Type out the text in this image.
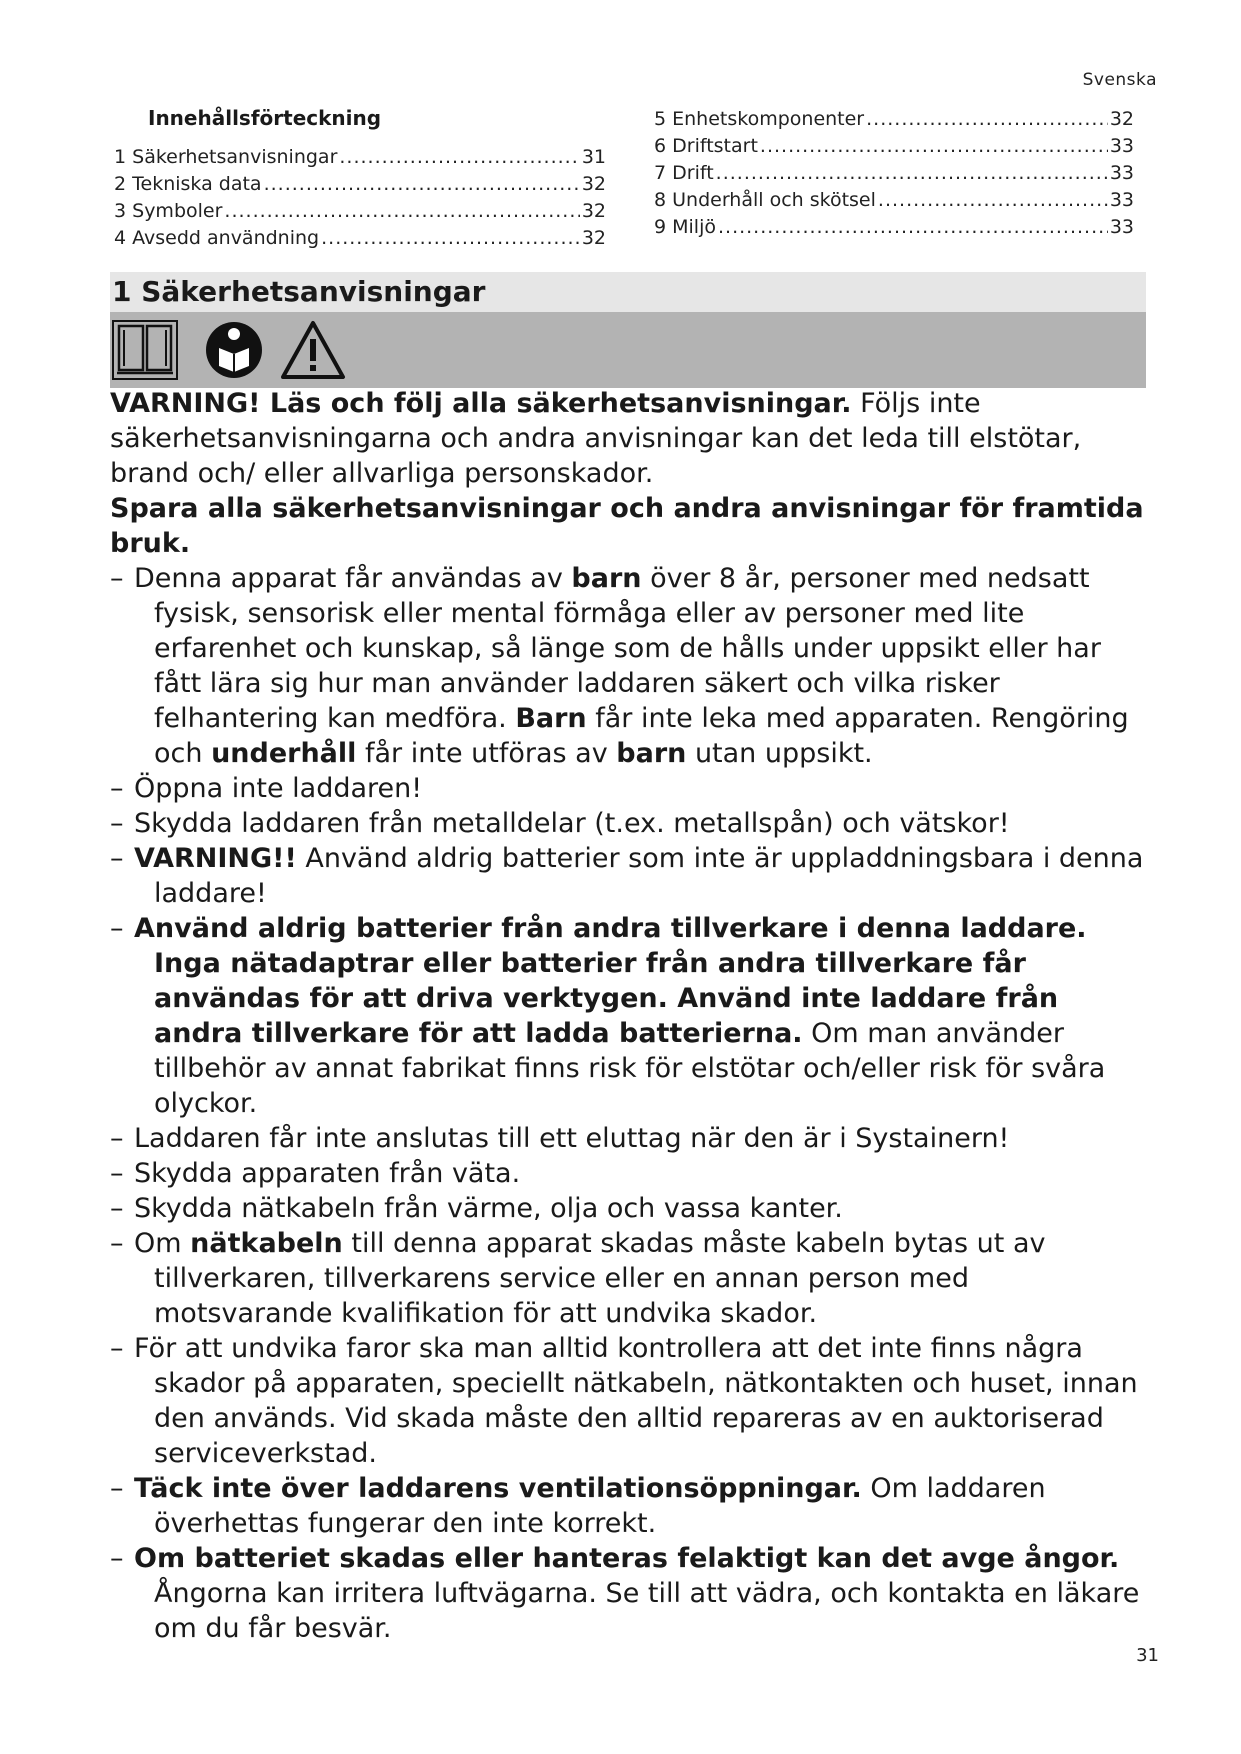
Svenska
Innehållsförteckning
1 Säkerhetsanvisningar .....	31
2 Tekniska data .....	32
3 Symboler .....	32
4 Avsedd användning .....	32
5 Enhetskomponenter .....	32
6 Driftstart .....	33
7 Drift .....	33
8 Underhåll och skötsel .....	33
9 Miljö .....	33
1 Säkerhetsanvisningar

VARNING! Läs och följ alla säkerhetsanvisningar. Följs inte säkerhetsanvisningarna och andra anvisningar kan det leda till elstötar, brand och/ eller allvarliga personskador.

Spara alla säkerhetsanvisningar och andra anvisningar för framtida bruk.

– Denna apparat får användas av barn över 8 år, personer med nedsatt fysisk, sensorisk eller mental förmåga eller av personer med lite erfarenhet och kunskap, så länge som de hålls under uppsikt eller har fått lära sig hur man använder laddaren säkert och vilka risker felhantering kan medföra. Barn får inte leka med apparaten. Rengöring och underhåll får inte utföras av barn utan uppsikt.

– Öppna inte laddaren!

– Skydda laddaren från metalldelar (t.ex. metallspån) och vätskor!

– VARNING!! Använd aldrig batterier som inte är uppladdningsbara i denna laddare!

– Använd aldrig batterier från andra tillverkare i denna laddare. Inga nätadaptrar eller batterier från andra tillverkare får användas för att driva verktygen. Använd inte laddare från andra tillverkare för att ladda batterierna. Om man använder tillbehör av annat fabrikat finns risk för elstötar och/eller risk för svåra olyckor.

– Laddaren får inte anslutas till ett eluttag när den är i Systainern!

– Skydda apparaten från väta.

– Skydda nätkabeln från värme, olja och vassa kanter.

– Om nätkabeln till denna apparat skadas måste kabeln bytas ut av tillverkaren, tillverkarens service eller en annan person med motsvarande kvalifikation för att undvika skador.

– För att undvika faror ska man alltid kontrollera att det inte finns några skador på apparaten, speciellt nätkabeln, nätkontakten och huset, innan den används. Vid skada måste den alltid repareras av en auktoriserad serviceverkstad.

– Täck inte över laddarens ventilationsöppningar. Om laddaren överhettas fungerar den inte korrekt.

– Om batteriet skadas eller hanteras felaktigt kan det avge ångor. Ångorna kan irritera luftvägarna. Se till att vädra, och kontakta en läkare om du får besvär.

31
